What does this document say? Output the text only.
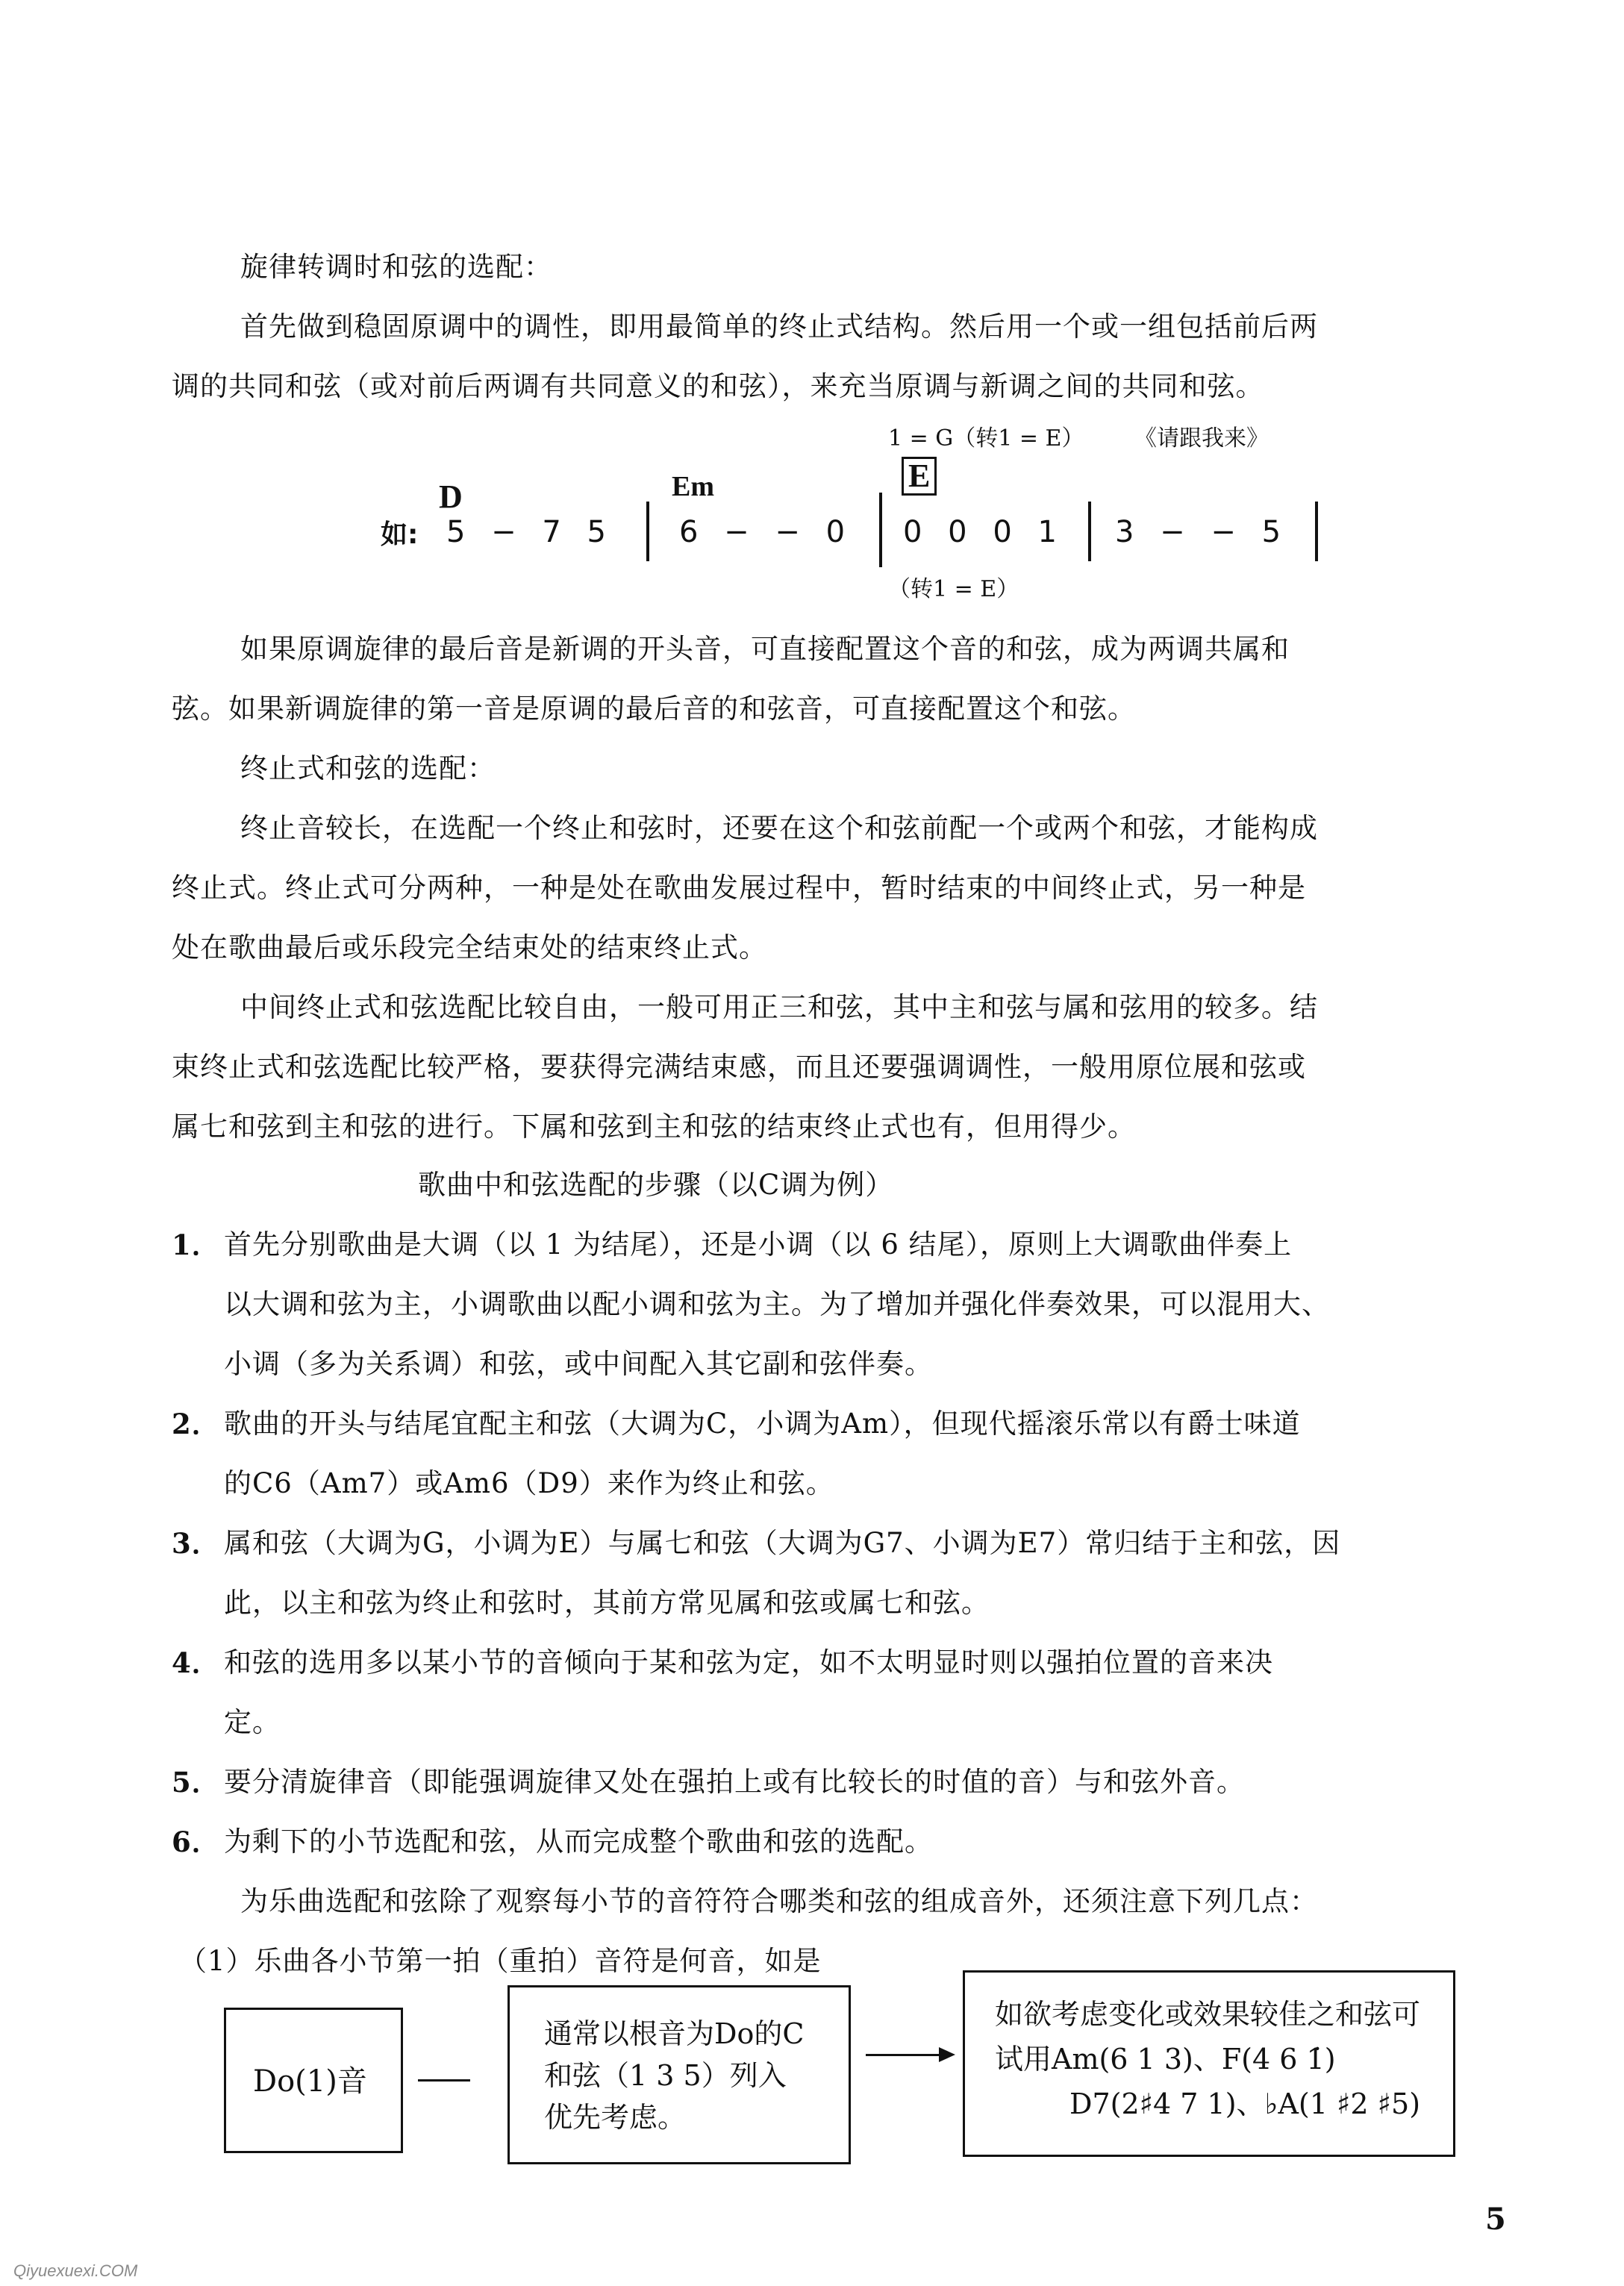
旋律转调时和弦的选配：
首先做到稳固原调中的调性，即用最简单的终止式结构。然后用一个或一组包括前后两
调的共同和弦（或对前后两调有共同意义的和弦），来充当原调与新调之间的共同和弦。
1 = G（转1 = E） 《请跟我来》
D	Em	E
如: 5 − 7 5 6 − − 0 0 0 0 1 3 − − 5
（转1 = E）
如果原调旋律的最后音是新调的开头音，可直接配置这个音的和弦，成为两调共属和
弦。如果新调旋律的第一音是原调的最后音的和弦音，可直接配置这个和弦。
终止式和弦的选配：
终止音较长，在选配一个终止和弦时，还要在这个和弦前配一个或两个和弦，才能构成
终止式。终止式可分两种，一种是处在歌曲发展过程中，暂时结束的中间终止式，另一种是
处在歌曲最后或乐段完全结束处的结束终止式。
中间终止式和弦选配比较自由，一般可用正三和弦，其中主和弦与属和弦用的较多。结
束终止式和弦选配比较严格，要获得完满结束感，而且还要强调调性，一般用原位展和弦或
属七和弦到主和弦的进行。下属和弦到主和弦的结束终止式也有，但用得少。
歌曲中和弦选配的步骤（以C调为例）
1． 首先分别歌曲是大调（以 1 为结尾），还是小调（以 6 结尾），原则上大调歌曲伴奏上
以大调和弦为主，小调歌曲以配小调和弦为主。为了增加并强化伴奏效果，可以混用大、
小调（多为关系调）和弦，或中间配入其它副和弦伴奏。
2． 歌曲的开头与结尾宜配主和弦（大调为C，小调为Am），但现代摇滚乐常以有爵士味道
的C6（Am7）或Am6（D9）来作为终止和弦。
3． 属和弦（大调为G，小调为E）与属七和弦（大调为G7、小调为E7）常归结于主和弦，因
此，以主和弦为终止和弦时，其前方常见属和弦或属七和弦。
4． 和弦的选用多以某小节的音倾向于某和弦为定，如不太明显时则以强拍位置的音来决
定。
5． 要分清旋律音（即能强调旋律又处在强拍上或有比较长的时值的音）与和弦外音。
6． 为剩下的小节选配和弦，从而完成整个歌曲和弦的选配。
为乐曲选配和弦除了观察每小节的音符符合哪类和弦的组成音外，还须注意下列几点：
（1）乐曲各小节第一拍（重拍）音符是何音，如是
Do(1)音
通常以根音为Do的C
和弦（1 3 5）列入
优先考虑。
如欲考虑变化或效果较佳之和弦可
试用Am(6 1 3)、F(4 6 1̇)
D7(2♯4 7 1)、♭A(1 ♯2 ♯5)
5
Qiyuexuexi.COM
